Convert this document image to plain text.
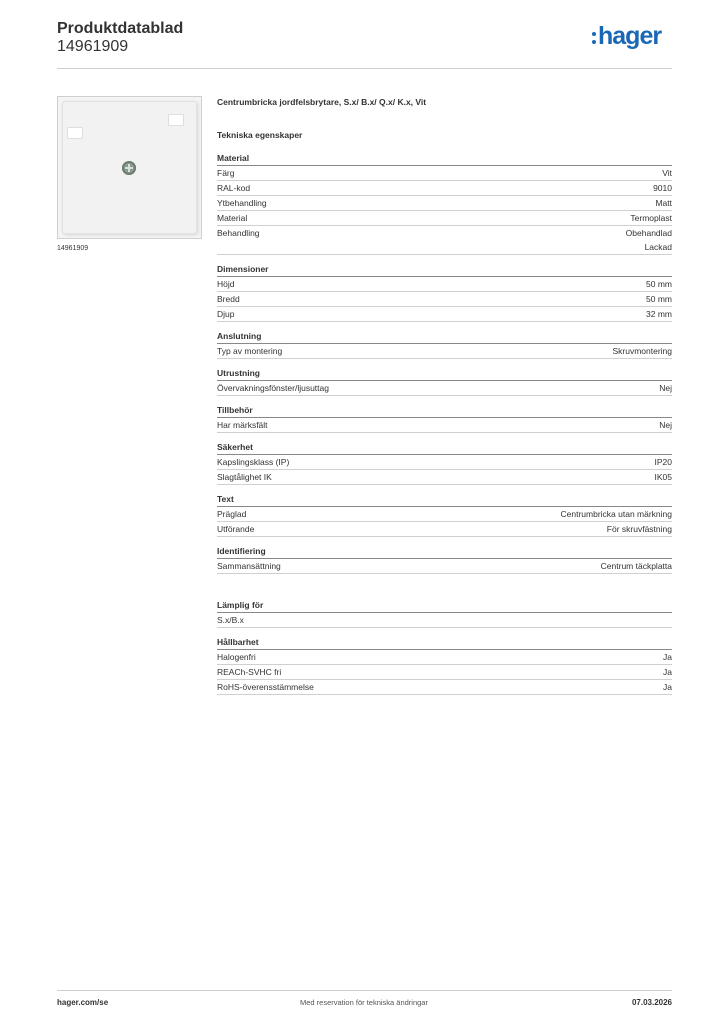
Produktdatablad
14961909	hager
14961909
Centrumbricka jordfelsbrytare, S.x/ B.x/ Q.x/ K.x, Vit
Tekniska egenskaper
Material
Färg	Vit
RAL-kod	9010
Ytbehandling	Matt
Material	Termoplast
Behandling	Obehandlad
Lackad
Dimensioner
Höjd	50 mm
Bredd	50 mm
Djup	32 mm
Anslutning
Typ av montering	Skruvmontering
Utrustning
Övervakningsfönster/ljusuttag	Nej
Tillbehör
Har märksfält	Nej
Säkerhet
Kapslingsklass (IP)	IP20
Slagtålighet IK	IK05
Text
Präglad	Centrumbricka utan märkning
Utförande	För skruvfästning
Identifiering
Sammansättning	Centrum täckplatta
Lämplig för
S.x/B.x
Hållbarhet
Halogenfri	Ja
REACh-SVHC fri	Ja
RoHS-överensstämmelse	Ja
hager.com/se	Med reservation för tekniska ändringar	07.03.2026
